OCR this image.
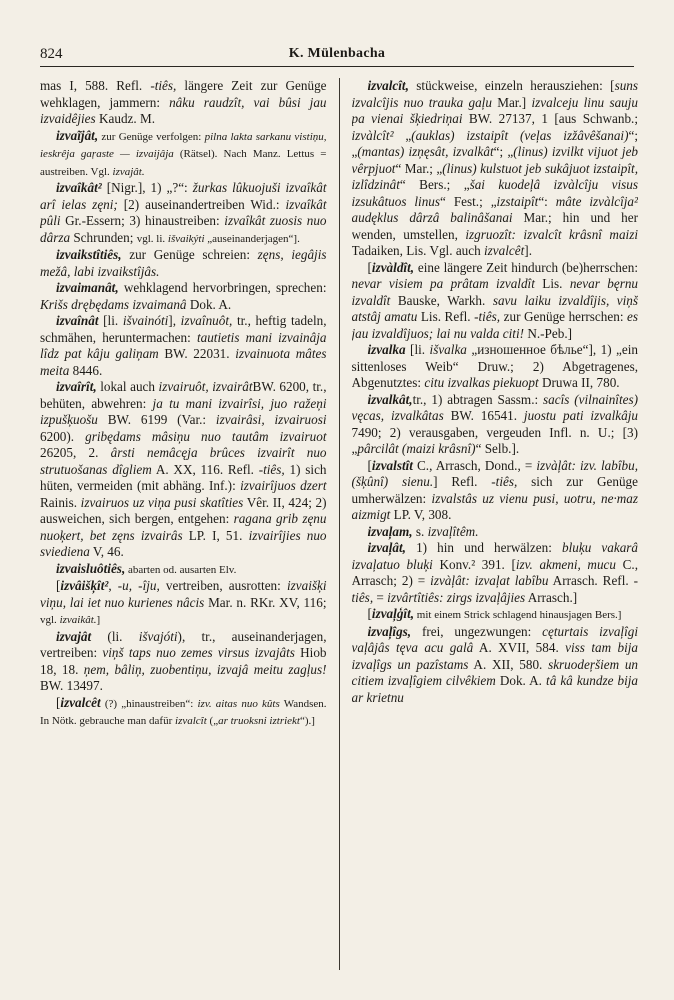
824	K. Mülenbacha

mas I, 588. Refl. -tiês, längere Zeit zur Genüge wehklagen, jammern: nâku raudzît, vai bûsi jau izvaidêjies Kaudz. M.

izvaĩjât, zur Genüge verfolgen: pilna lakta sarkanu vistiņu, ieskrêja gaŗaste — izvaijâja (Rätsel). Nach Manz. Lettus = austreiben. Vgl. izvajât.

izvaîkât² [Nigr.], 1) „?“: žurkas lûkuojuši izvaîkât arî ielas zęni; [2) auseinandertreiben Wid.: izvaîkât pûli Gr.-Essern; 3) hinaustreiben: izvaîkât zuosis nuo dârza Schrunden; vgl. li. išvaikýti „auseinanderjagen“].

izvaikstîtiês, zur Genüge schreien: zęns, iegâjis mežâ, labi izvaikstîjâs.

izvaimanât, wehklagend hervorbringen, sprechen: Krišs drębędams izvaimanâ Dok. A.

izvaînât [li. išvainóti], izvaînuôt, tr., heftig tadeln, schmähen, heruntermachen: tautietis mani izvainâja lîdz pat kâju galiņam BW. 22031. izvainuota mâtes meita 8446.

izvaîrît, lokal auch izvairuôt, izvairâtBW. 6200, tr., behüten, abwehren: ja tu mani izvairîsi, juo ražeņi izpušķuošu BW. 6199 (Var.: izvairâsi, izvairuosi 6200). gribędams mâsiņu nuo tautâm izvairuot 26205, 2. ârsti nemâcęja brûces izvairît nuo strutuošanas dîgliem A. XX, 116. Refl. -tiês, 1) sich hüten, vermeiden (mit abhäng. Inf.): izvairîjuos dzert Rainis. izvairuos uz viņa pusi skatîties Vêr. II, 424; 2) ausweichen, sich bergen, entgehen: ragana grib zęnu nuoķert, bet zęns izvairâs LP. I, 51. izvairîjies nuo sviediena V, 46.

izvaisluôtiês, abarten od. ausarten Elv.

[izvâišķît², -u, -îju, vertreiben, ausrotten: izvaišķi viņu, lai iet nuo kurienes nâcis Mar. n. RKr. XV, 116; vgl. izvaikât.]

izvajât (li. išvajóti), tr., auseinanderjagen, vertreiben: viņš taps nuo zemes virsus izvajâts Hiob 18, 18. ņem, bâliņ, zuobentiņu, izvajâ meitu zagļus! BW. 13497.

[izvalcêt (?) „hinaustreiben“: izv. aitas nuo kûts Wandsen. In Nötk. gebrauche man dafür izvalcît („ar truoksni iztriekt“).]

izvalcît, stückweise, einzeln herausziehen: [suns izvalcîjis nuo trauka gaļu Mar.] izvalceju linu sauju pa vienai šķiedriņai BW. 27137, 1 [aus Schwanb.; izvàlcît² „(auklas) izstaipît (veļas izžâvêšanai)“; „(mantas) izņęsât, izvalkât“; „(linus) izvilkt vijuot jeb vêrpjuot“ Mar.; „(linus) kulstuot jeb sukâjuot izstaipît, izlîdzinât“ Bers.; „šai kuodeļâ izvàlcîju visus izsukâtuos linus“ Fest.; „izstaipît“: mâte izvàlcîja² audęklus dârzâ balinâšanai Mar.; hin und her wenden, umstellen, izgruozît: izvalcît krâsnî maizi Tadaiken, Lis. Vgl. auch izvalcêt].

[izvàldît, eine längere Zeit hindurch (be)herrschen: nevar visiem pa prâtam izvaldît Lis. nevar bęrnu izvaldît Bauske, Warkh. savu laiku izvaldîjis, viņš atstâj amatu Lis. Refl. -tiês, zur Genüge herrschen: es jau izvaldîjuos; lai nu valda citi! N.-Peb.]

izvalka [li. išvalka „изношенное бѣлье“], 1) „ein sittenloses Weib“ Druw.; 2) Abgetragenes, Abgenutztes: citu izvalkas piekuopt Druwa II, 780.

izvalkât,tr., 1) abtragen Sassm.: sacîs (vilnainîtes) vęcas, izvalkâtas BW. 16541. juostu pati izvalkâju 7490; 2) verausgaben, vergeuden Infl. n. U.; [3) „pârcilât (maizi krâsnî)“ Selb.].

[izvalstît C., Arrasch, Dond., = izvàļât: izv. labîbu, (šķûnî) sienu.] Refl. -tiês, sich zur Genüge umherwälzen: izvalstâs uz vienu pusi, uotru, ne·maz aizmigt LP. V, 308.

izvaļam, s. izvaļîtêm.

izvaļât, 1) hin und herwälzen: bluķu vakarâ izvaļatuo bluķi Konv.² 391. [izv. akmeni, mucu C., Arrasch; 2) = izvàļât: izvaļat labîbu Arrasch. Refl. -tiês, = izvârtîtiês: zirgs izvaļâjies Arrasch.]

[izvaļģît, mit einem Strick schlagend hinausjagen Bers.]

izvaļîgs, frei, ungezwungen: cęturtais izvaļîgi vaļâjâs tęva acu galâ A. XVII, 584. viss tam bija izvaļîgs un pazîstams A. XII, 580. skruodeŗšiem un citiem izvaļîgiem cilvêkiem Dok. A. tâ kâ kundze bija ar krietnu
